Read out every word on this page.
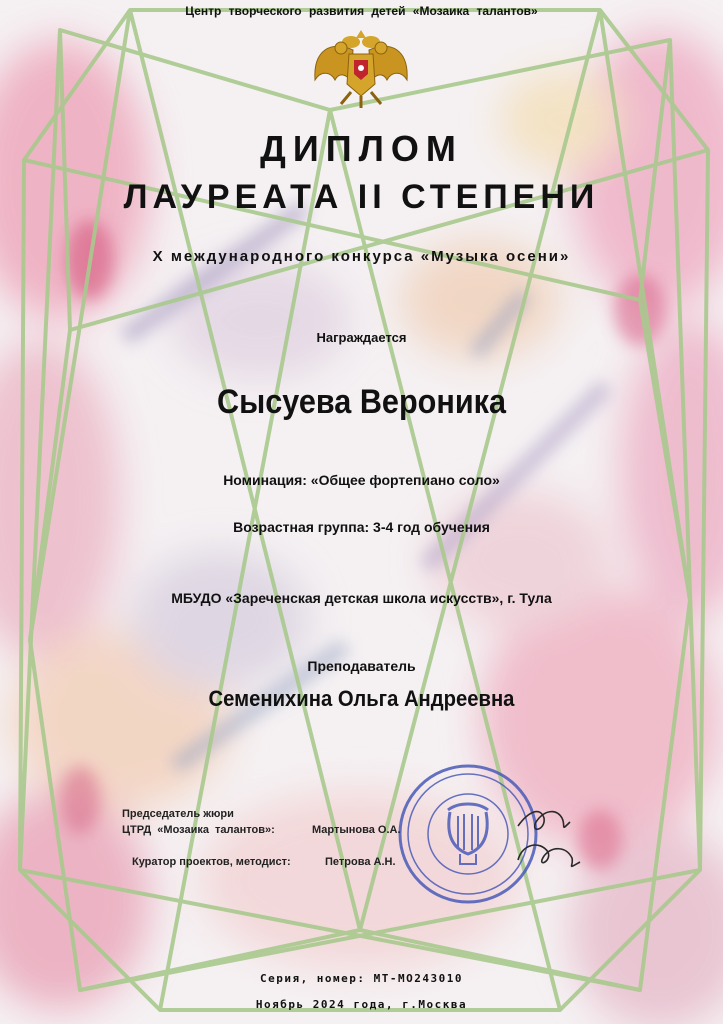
Центр творческого развития детей «Мозаика талантов»
ДИПЛОМ
ЛАУРЕАТА II СТЕПЕНИ
Х международного конкурса «Музыка осени»
Награждается
Сысуева Вероника
Номинация: «Общее фортепиано соло»
Возрастная группа: 3-4 год обучения
МБУДО «Зареченская детская школа искусств», г. Тула
Преподаватель
Семенихина Ольга Андреевна
Председатель жюри
ЦТРД «Мозаика талантов»:	Мартынова О.А.
Куратор проектов, методист:	Петрова А.Н.
Серия, номер: MT-MO243010
Ноябрь 2024 года, г.Москва
